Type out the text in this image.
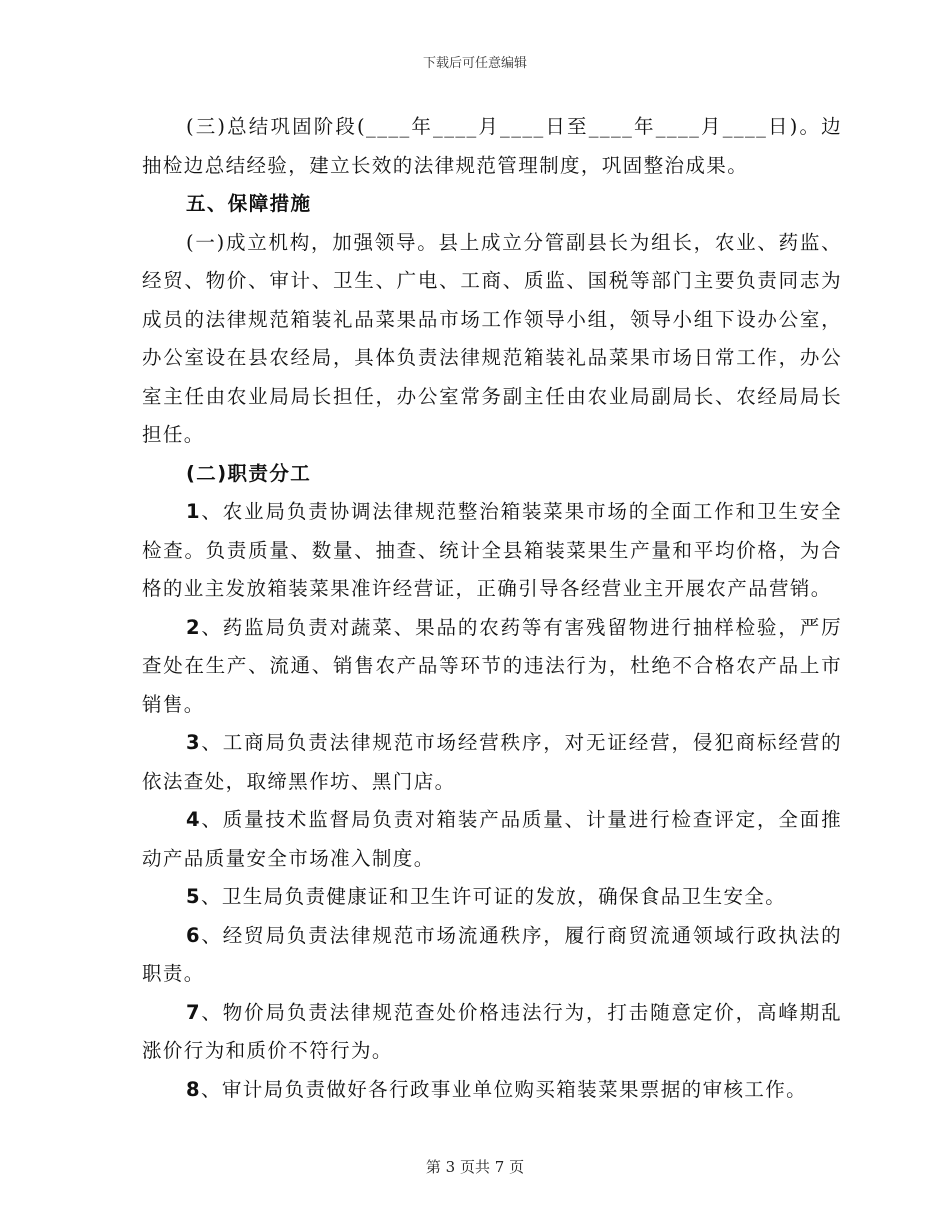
下载后可任意编辑

(三)总结巩固阶段(____年____月____日至____年____月____日)。边抽检边总结经验，建立长效的法律规范管理制度，巩固整治成果。

五、保障措施

(一)成立机构，加强领导。县上成立分管副县长为组长，农业、药监、经贸、物价、审计、卫生、广电、工商、质监、国税等部门主要负责同志为成员的法律规范箱装礼品菜果品市场工作领导小组，领导小组下设办公室，办公室设在县农经局，具体负责法律规范箱装礼品菜果市场日常工作，办公室主任由农业局局长担任，办公室常务副主任由农业局副局长、农经局局长担任。

(二)职责分工

1、农业局负责协调法律规范整治箱装菜果市场的全面工作和卫生安全检查。负责质量、数量、抽查、统计全县箱装菜果生产量和平均价格，为合格的业主发放箱装菜果准许经营证，正确引导各经营业主开展农产品营销。

2、药监局负责对蔬菜、果品的农药等有害残留物进行抽样检验，严厉查处在生产、流通、销售农产品等环节的违法行为，杜绝不合格农产品上市销售。

3、工商局负责法律规范市场经营秩序，对无证经营，侵犯商标经营的依法查处，取缔黑作坊、黑门店。

4、质量技术监督局负责对箱装产品质量、计量进行检查评定，全面推动产品质量安全市场准入制度。

5、卫生局负责健康证和卫生许可证的发放，确保食品卫生安全。

6、经贸局负责法律规范市场流通秩序，履行商贸流通领域行政执法的职责。

7、物价局负责法律规范查处价格违法行为，打击随意定价，高峰期乱涨价行为和质价不符行为。

8、审计局负责做好各行政事业单位购买箱装菜果票据的审核工作。

第 3 页共 7 页
